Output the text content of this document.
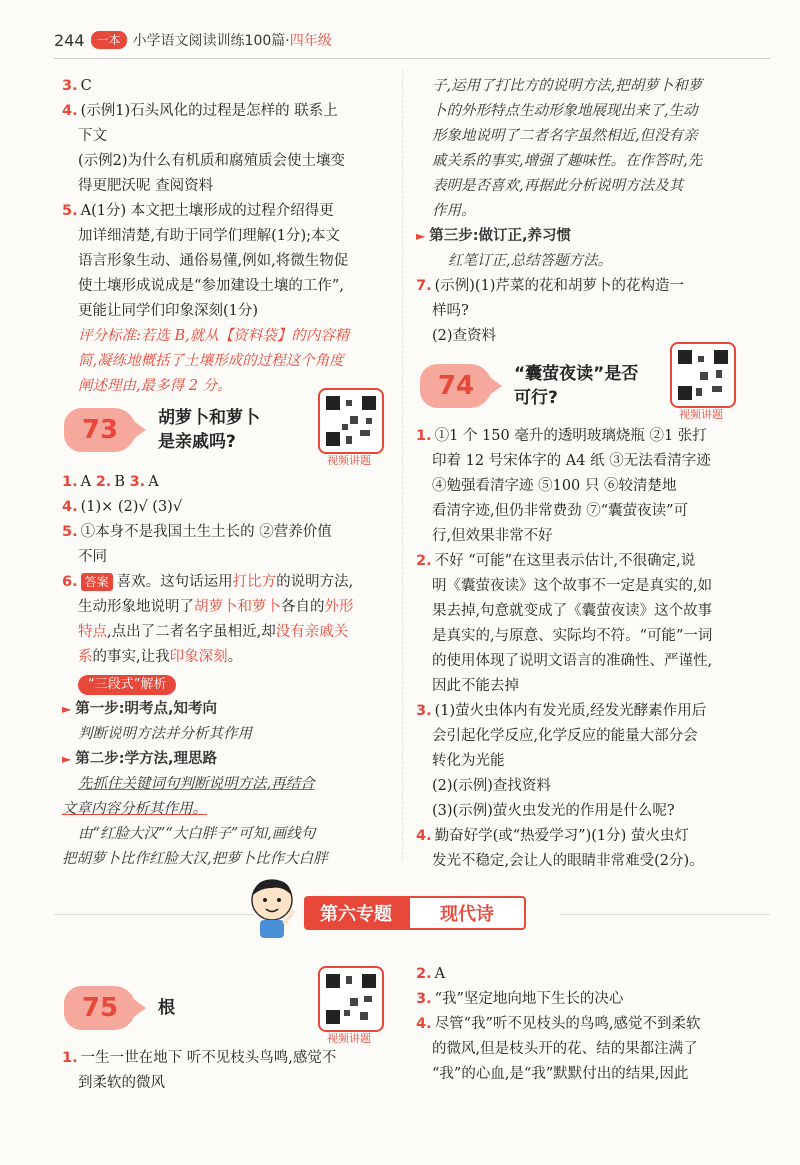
244	一本 小学语文阅读训练100篇·四年级

3. C

4. (示例1)石头风化的过程是怎样的 联系上

下文

(示例2)为什么有机质和腐殖质会使土壤变

得更肥沃呢 查阅资料

5. A(1分) 本文把土壤形成的过程介绍得更

加详细清楚,有助于同学们理解(1分);本文

语言形象生动、通俗易懂,例如,将微生物促

使土壤形成说成是“参加建设土壤的工作”,

更能让同学们印象深刻(1分)

评分标准:若选 B,就从【资料袋】的内容精

简,凝练地概括了土壤形成的过程这个角度

阐述理由,最多得 2 分。

73 胡萝卜和萝卜
是亲戚吗?
视频讲题

1. A 2. B 3. A

4. (1)× (2)√ (3)√

5. ①本身不是我国土生土长的 ②营养价值

不同

6. 答案 喜欢。这句话运用打比方的说明方法,

生动形象地说明了胡萝卜和萝卜各自的外形

特点,点出了二者名字虽相近,却没有亲戚关

系的事实,让我印象深刻。

“三段式”解析

► 第一步:明考点,知考向

判断说明方法并分析其作用

► 第二步:学方法,理思路

先抓住关键词句判断说明方法,再结合

文章内容分析其作用。

由“红脸大汉”“大白胖子”可知,画线句

把胡萝卜比作红脸大汉,把萝卜比作大白胖

子,运用了打比方的说明方法,把胡萝卜和萝

卜的外形特点生动形象地展现出来了,生动

形象地说明了二者名字虽然相近,但没有亲

戚关系的事实,增强了趣味性。在作答时,先

表明是否喜欢,再据此分析说明方法及其

作用。

► 第三步:做订正,养习惯

红笔订正,总结答题方法。

7. (示例)(1)芹菜的花和胡萝卜的花构造一

样吗?

(2)查资料

74 “囊萤夜读”是否
可行?
视频讲题

1. ①1 个 150 毫升的透明玻璃烧瓶 ②1 张打

印着 12 号宋体字的 A4 纸 ③无法看清字迹

④勉强看清字迹 ⑤100 只 ⑥较清楚地

看清字迹,但仍非常费劲 ⑦“囊萤夜读”可

行,但效果非常不好

2. 不好 “可能”在这里表示估计,不很确定,说

明《囊萤夜读》这个故事不一定是真实的,如

果去掉,句意就变成了《囊萤夜读》这个故事

是真实的,与原意、实际均不符。“可能”一词

的使用体现了说明文语言的准确性、严谨性,

因此不能去掉

3. (1)萤火虫体内有发光质,经发光酵素作用后

会引起化学反应,化学反应的能量大部分会

转化为光能

(2)(示例)查找资料

(3)(示例)萤火虫发光的作用是什么呢?

4. 勤奋好学(或“热爱学习”)(1分) 萤火虫灯

发光不稳定,会让人的眼睛非常难受(2分)。

第六专题	现代诗
75 根
视频讲题

1. 一生一世在地下 听不见枝头鸟鸣,感觉不

到柔软的微风

2. A

3. “我”坚定地向地下生长的决心

4. 尽管“我”听不见枝头的鸟鸣,感觉不到柔软

的微风,但是枝头开的花、结的果都注满了

“我”的心血,是“我”默默付出的结果,因此
